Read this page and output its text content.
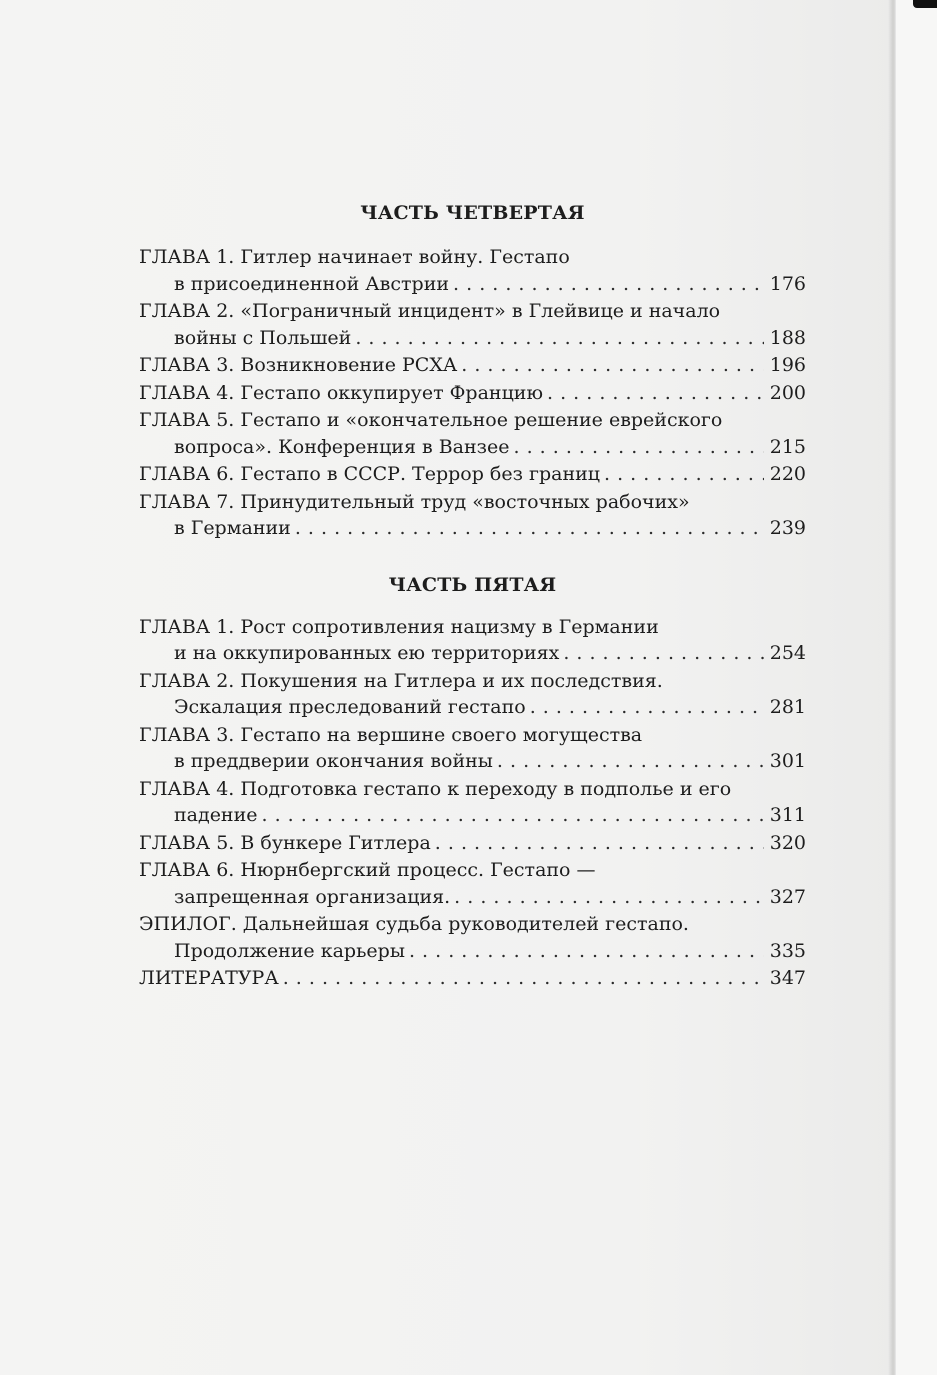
ЧАСТЬ ЧЕТВЕРТАЯ
ГЛАВА 1. Гитлер начинает войну. Гестапо
в присоединенной Австрии . . .	176
ГЛАВА 2. «Пограничный инцидент» в Глейвице и начало
войны с Польшей . . .	188
ГЛАВА 3. Возникновение РСХА . . .	196
ГЛАВА 4. Гестапо оккупирует Францию . . .	200
ГЛАВА 5. Гестапо и «окончательное решение еврейского
вопроса». Конференция в Ванзее . . .	215
ГЛАВА 6. Гестапо в СССР. Террор без границ . . .	220
ГЛАВА 7. Принудительный труд «восточных рабочих»
в Германии . . .	239
ЧАСТЬ ПЯТАЯ
ГЛАВА 1. Рост сопротивления нацизму в Германии
и на оккупированных ею территориях . . .	254
ГЛАВА 2. Покушения на Гитлера и их последствия.
Эскалация преследований гестапо . . .	281
ГЛАВА 3. Гестапо на вершине своего могущества
в преддверии окончания войны . . .	301
ГЛАВА 4. Подготовка гестапо к переходу в подполье и его
падение . . .	311
ГЛАВА 5. В бункере Гитлера . . .	320
ГЛАВА 6. Нюрнбергский процесс. Гестапо —
запрещенная организация. . . .	327
ЭПИЛОГ. Дальнейшая судьба руководителей гестапо.
Продолжение карьеры . . .	335
ЛИТЕРАТУРА . . .	347
